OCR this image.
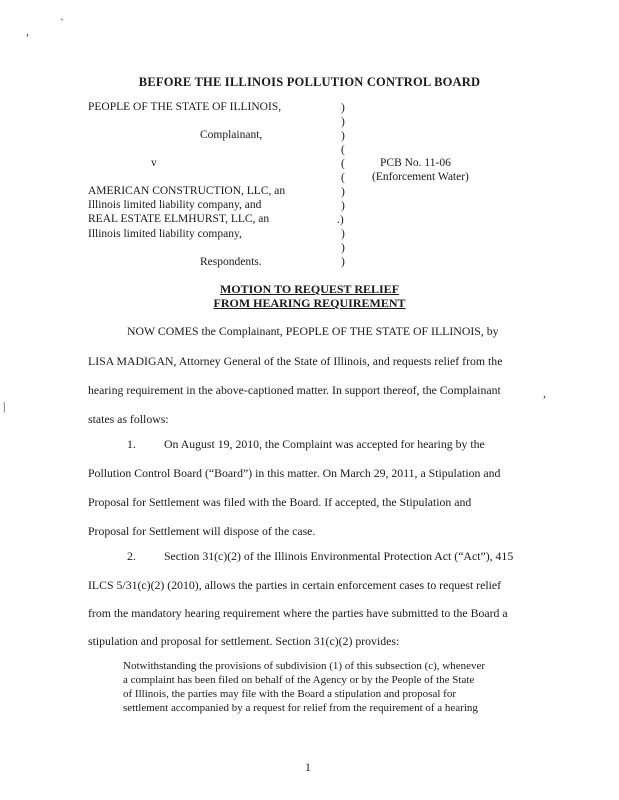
`
,
|
,
BEFORE THE ILLINOIS POLLUTION CONTROL BOARD
PEOPLE OF THE STATE OF ILLINOIS,
Complainant,
v
AMERICAN CONSTRUCTION, LLC, an
Illinois limited liability company, and
REAL ESTATE ELMHURST, LLC, an
Illinois limited liability company,
Respondents.
)
)
)
(
(
(
)
)
.)
)
)
)
PCB No. 11-06
(Enforcement Water)
MOTION TO REQUEST RELIEF
FROM HEARING REQUIREMENT
NOW COMES the Complainant, PEOPLE OF THE STATE OF ILLINOIS, by
LISA MADIGAN, Attorney General of the State of Illinois, and requests relief from the
hearing requirement in the above-captioned matter. In support thereof, the Complainant
states as follows:
1. On August 19, 2010, the Complaint was accepted for hearing by the
Pollution Control Board (“Board”) in this matter. On March 29, 2011, a Stipulation and
Proposal for Settlement was filed with the Board. If accepted, the Stipulation and
Proposal for Settlement will dispose of the case.
2. Section 31(c)(2) of the Illinois Environmental Protection Act (“Act”), 415
ILCS 5/31(c)(2) (2010), allows the parties in certain enforcement cases to request relief
from the mandatory hearing requirement where the parties have submitted to the Board a
stipulation and proposal for settlement. Section 31(c)(2) provides:
Notwithstanding the provisions of subdivision (1) of this subsection (c), whenever
a complaint has been filed on behalf of the Agency or by the People of the State
of Illinois, the parties may file with the Board a stipulation and proposal for
settlement accompanied by a request for relief from the requirement of a hearing
1
